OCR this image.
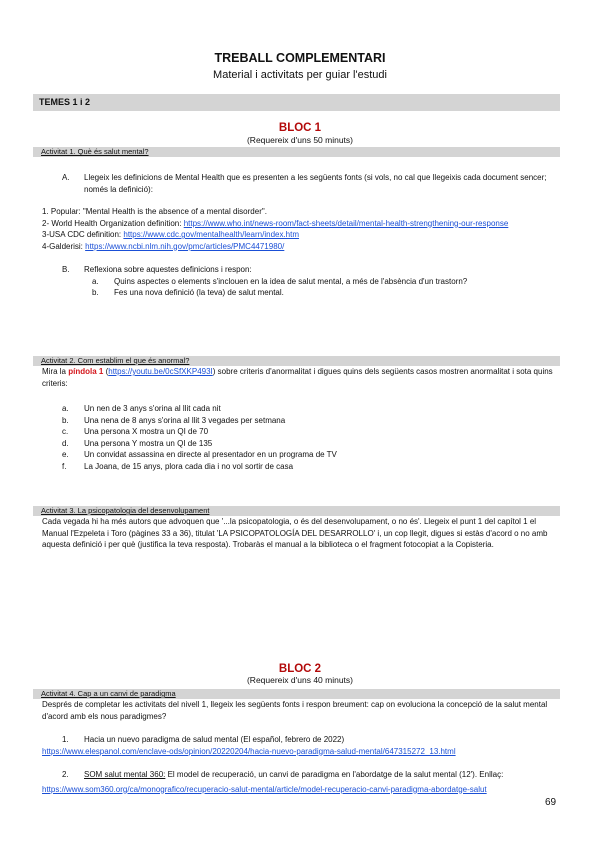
TREBALL COMPLEMENTARI
Material i activitats per guiar l'estudi
TEMES 1 i 2
BLOC 1
(Requereix d'uns 50 minuts)
Activitat 1. Què és salut mental?
A.	Llegeix les definicions de Mental Health que es presenten a les següents fonts (si vols, no cal que llegeixis cada document sencer; només la definició):
1. Popular: "Mental Health is the absence of a mental disorder".
2- World Health Organization definition: https://www.who.int/news-room/fact-sheets/detail/mental-health-strengthening-our-response
3-USA CDC definition: https://www.cdc.gov/mentalhealth/learn/index.htm
4-Galderisi: https://www.ncbi.nlm.nih.gov/pmc/articles/PMC4471980/
B.	Reflexiona sobre aquestes definicions i respon:
a.	Quins aspectes o elements s'inclouen en la idea de salut mental, a més de l'absència d'un trastorn?
b.	Fes una nova definició (la teva) de salut mental.
Activitat 2. Com establim el que és anormal?
Mira la píndola 1 (https://youtu.be/0cSfXKP493I) sobre criteris d'anormalitat i digues quins dels següents casos mostren anormalitat i sota quins criteris:
a.	Un nen de 3 anys s'orina al llit cada nit
b.	Una nena de 8 anys s'orina al llit 3 vegades per setmana
c.	Una persona X mostra un QI de 70
d.	Una persona Y mostra un QI de 135
e.	Un convidat assassina en directe al presentador en un programa de TV
f.	La Joana, de 15 anys, plora cada dia i no vol sortir de casa
Activitat 3. La psicopatologia del desenvolupament
Cada vegada hi ha més autors que advoquen que '...la psicopatologia, o és del desenvolupament, o no és'. Llegeix el punt 1 del capítol 1 el Manual l'Ezpeleta i Toro (pàgines 33 a 36), titulat 'LA PSICOPATOLOGÍA DEL DESARROLLO' i, un cop llegit, digues si estàs d'acord o no amb aquesta definició i per què (justifica la teva resposta). Trobaràs el manual a la biblioteca o el fragment fotocopiat a la Copisteria.
BLOC 2
(Requereix d'uns 40 minuts)
Activitat 4. Cap a un canvi de paradigma
Després de completar les activitats del nivell 1, llegeix les següents fonts i respon breument: cap on evoluciona la concepció de la salut mental d'acord amb els nous paradigmes?
1.	Hacia un nuevo paradigma de salud mental (El español, febrero de 2022)
https://www.elespanol.com/enclave-ods/opinion/20220204/hacia-nuevo-paradigma-salud-mental/647315272_13.html
2.	SOM salut mental 360: El model de recuperació, un canvi de paradigma en l'abordatge de la salut mental (12'). Enllaç:
https://www.som360.org/ca/monografico/recuperacio-salut-mental/article/model-recuperacio-canvi-paradigma-abordatge-salut
69
